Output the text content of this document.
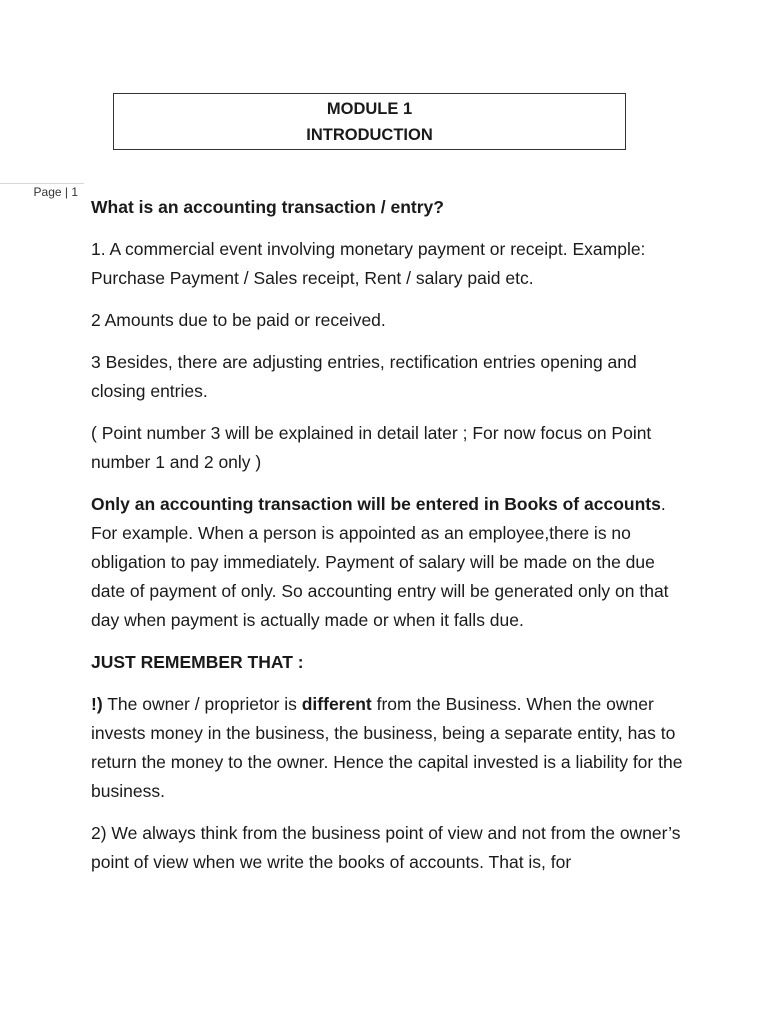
MODULE 1
INTRODUCTION
Page | 1

What is an accounting transaction / entry?

1. A commercial event involving monetary payment or receipt. Example: Purchase Payment / Sales receipt, Rent / salary paid etc.

2 Amounts due to be paid or received.

3 Besides, there are adjusting entries, rectification entries opening and closing entries.

( Point number 3 will be explained in detail later ; For now focus on Point number 1 and 2 only )

Only an accounting transaction will be entered in Books of accounts. For example. When a person is appointed as an employee,there is no obligation to pay immediately. Payment of salary will be made on the due date of payment of only. So accounting entry will be generated only on that day when payment is actually made or when it falls due.

JUST REMEMBER THAT :

!) The owner / proprietor is different from the Business. When the owner invests money in the business, the business, being a separate entity, has to return the money to the owner. Hence the capital invested is a liability for the business.

2) We always think from the business point of view and not from the owner’s point of view when we write the books of accounts. That is, for
